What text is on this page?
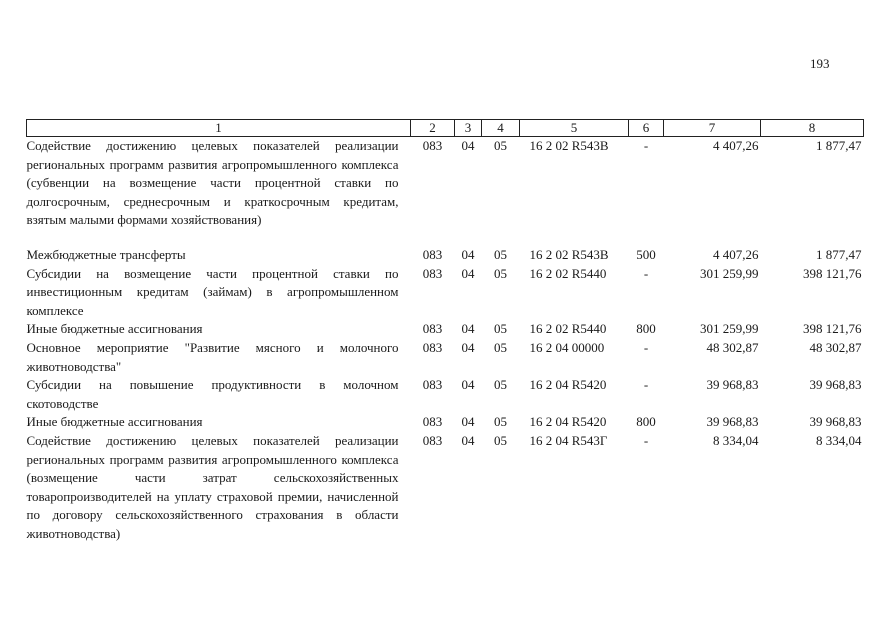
193
1	2	3	4	5	6	7	8
Содействие достижению целевых показателей реализации региональных программ развития агропромышленного комплекса (субвенции на возмещение части процентной ставки по долгосрочным, среднесрочным и краткосрочным кредитам, взятым малыми формами хозяйствования)	083	04	05	16 2 02 R543В	-	4 407,26	1 877,47

Межбюджетные трансферты	083	04	05	16 2 02 R543В	500	4 407,26	1 877,47
Субсидии на возмещение части процентной ставки по инвестиционным кредитам (займам) в агропромышленном комплексе	083	04	05	16 2 02 R5440	-	301 259,99	398 121,76
Иные бюджетные ассигнования	083	04	05	16 2 02 R5440	800	301 259,99	398 121,76
Основное мероприятие "Развитие мясного и молочного животноводства"	083	04	05	16 2 04 00000	-	48 302,87	48 302,87
Субсидии на повышение продуктивности в молочном скотоводстве	083	04	05	16 2 04 R5420	-	39 968,83	39 968,83
Иные бюджетные ассигнования	083	04	05	16 2 04 R5420	800	39 968,83	39 968,83
Содействие достижению целевых показателей реализации региональных программ развития агропромышленного комплекса (возмещение части затрат сельскохозяйственных товаропроизводителей на уплату страховой премии, начисленной по договору сельскохозяйственного страхования в области животноводства)	083	04	05	16 2 04 R543Г	-	8 334,04	8 334,04
